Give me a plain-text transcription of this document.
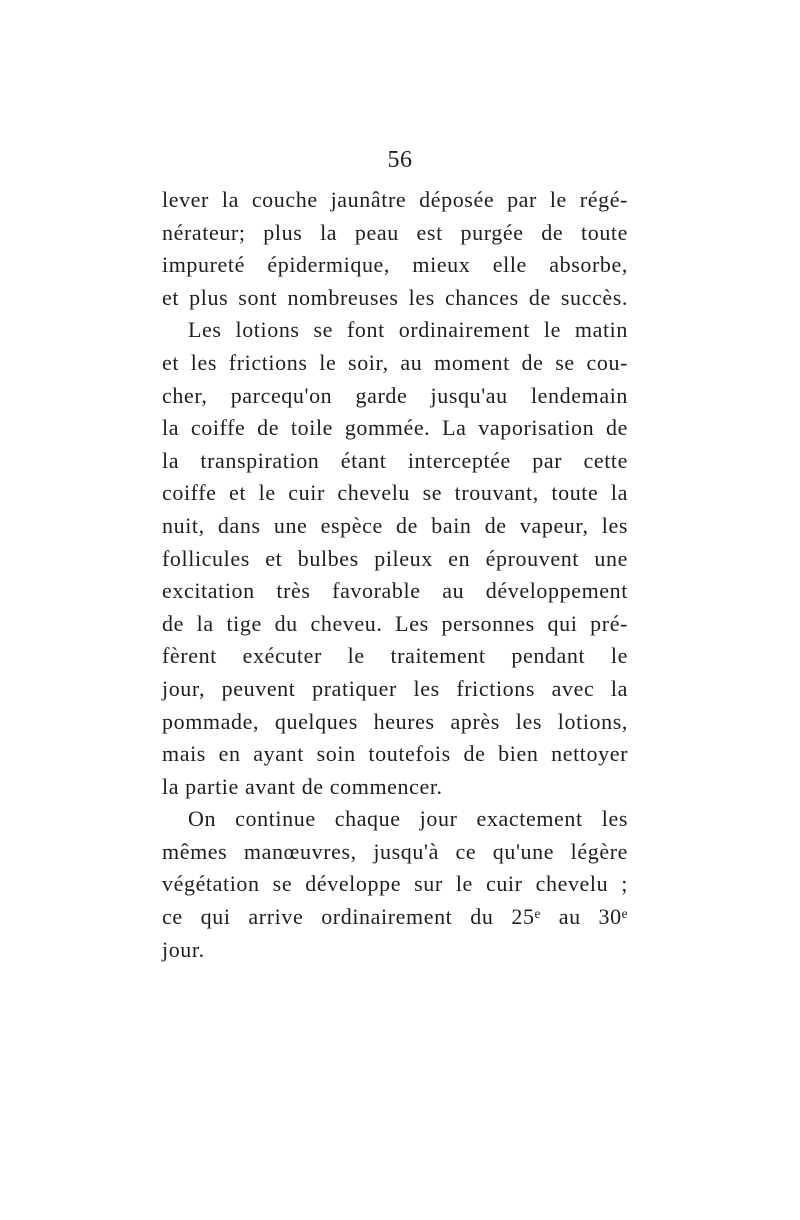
56
lever la couche jaunâtre déposée par le régé-
nérateur; plus la peau est purgée de toute
impureté épidermique, mieux elle absorbe,
et plus sont nombreuses les chances de succès.
Les lotions se font ordinairement le matin
et les frictions le soir, au moment de se cou-
cher, parcequ'on garde jusqu'au lendemain
la coiffe de toile gommée. La vaporisation de
la transpiration étant interceptée par cette
coiffe et le cuir chevelu se trouvant, toute la
nuit, dans une espèce de bain de vapeur, les
follicules et bulbes pileux en éprouvent une
excitation très favorable au développement
de la tige du cheveu. Les personnes qui pré-
fèrent exécuter le traitement pendant le
jour, peuvent pratiquer les frictions avec la
pommade, quelques heures après les lotions,
mais en ayant soin toutefois de bien nettoyer
la partie avant de commencer.
On continue chaque jour exactement les
mêmes manœuvres, jusqu'à ce qu'une légère
végétation se développe sur le cuir chevelu ;
ce qui arrive ordinairement du 25ᵉ au 30ᵉ
jour.
